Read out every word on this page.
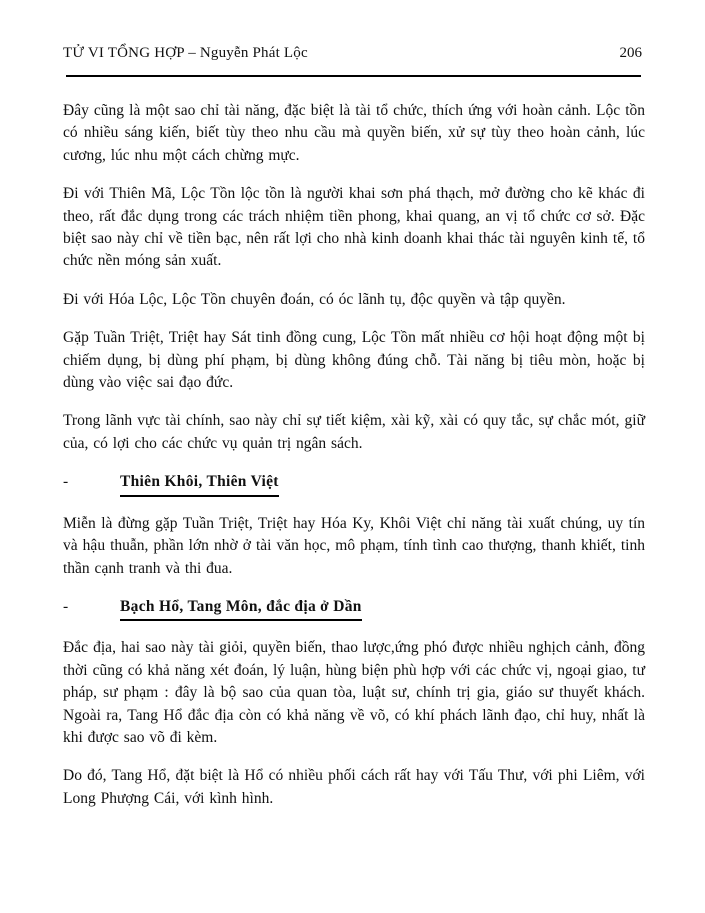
TỬ VI TỔNG HỢP – Nguyễn Phát Lộc	206

Đây cũng là một sao chỉ tài năng, đặc biệt là tài tổ chức, thích ứng với hoàn cảnh. Lộc tồn có nhiều sáng kiến, biết tùy theo nhu cầu mà quyền biến, xử sự tùy theo hoàn cảnh, lúc cương, lúc nhu một cách chừng mực.

Đi với Thiên Mã, Lộc Tồn lộc tồn là người khai sơn phá thạch, mở đường cho kẽ khác đi theo, rất đắc dụng trong các trách nhiệm tiền phong, khai quang, an vị tổ chức cơ sở. Đặc biệt sao này chỉ về tiền bạc, nên rất lợi cho nhà kinh doanh khai thác tài nguyên kinh tế, tổ chức nền móng sản xuất.

Đi với Hóa Lộc, Lộc Tồn chuyên đoán, có óc lãnh tụ, độc quyền và tập quyền.

Gặp Tuần Triệt, Triệt hay Sát tinh đồng cung, Lộc Tồn mất nhiều cơ hội hoạt động một bị chiếm dụng, bị dùng phí phạm, bị dùng không đúng chỗ. Tài năng bị tiêu mòn, hoặc bị dùng vào việc sai đạo đức.

Trong lãnh vực tài chính, sao này chỉ sự tiết kiệm, xài kỹ, xài có quy tắc, sự chắc mót, giữ của, có lợi cho các chức vụ quản trị ngân sách.

-	Thiên Khôi, Thiên Việt

Miễn là đừng gặp Tuần Triệt, Triệt hay Hóa Ky, Khôi Việt chỉ năng tài xuất chúng, uy tín và hậu thuẫn, phần lớn nhờ ở tài văn học, mô phạm, tính tình cao thượng, thanh khiết, tinh thần cạnh tranh và thi đua.

-	Bạch Hổ, Tang Môn, đắc địa ở Dần

Đắc địa, hai sao này tài giỏi, quyền biến, thao lược,ứng phó được nhiều nghịch cảnh, đồng thời cũng có khả năng xét đoán, lý luận, hùng biện phù hợp với các chức vị, ngoại giao, tư pháp, sư phạm : đây là bộ sao của quan tòa, luật sư, chính trị gia, giáo sư thuyết khách. Ngoài ra, Tang Hổ đắc địa còn có khả năng về võ, có khí phách lãnh đạo, chỉ huy, nhất là khi được sao võ đi kèm.

Do đó, Tang Hổ, đặt biệt là Hổ có nhiều phối cách rất hay với Tấu Thư, với phi Liêm, với Long Phượng Cái, với kình hình.
